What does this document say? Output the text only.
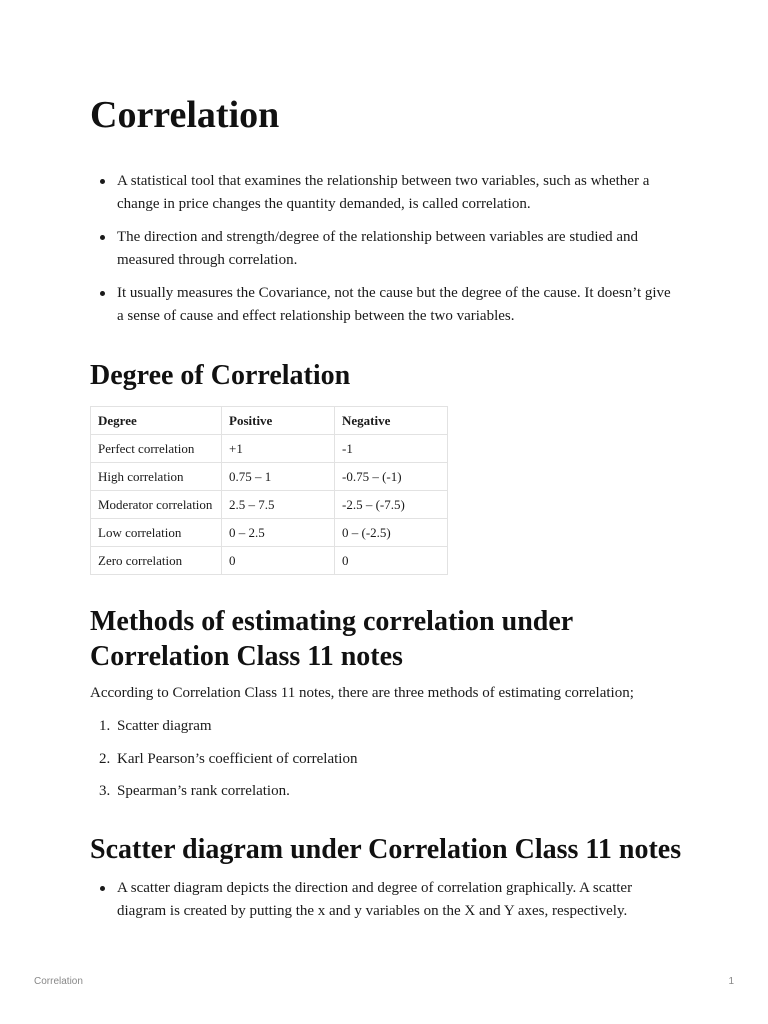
Correlation
A statistical tool that examines the relationship between two variables, such as whether a change in price changes the quantity demanded, is called correlation.
The direction and strength/degree of the relationship between variables are studied and measured through correlation.
It usually measures the Covariance, not the cause but the degree of the cause. It doesn’t give a sense of cause and effect relationship between the two variables.
Degree of Correlation
Degree	Positive	Negative
Perfect correlation	+1	-1
High correlation	0.75 – 1	-0.75 – (-1)
Moderator correlation	2.5 – 7.5	-2.5 – (-7.5)
Low correlation	0 – 2.5	0 – (-2.5)
Zero correlation	0	0
Methods of estimating correlation under Correlation Class 11 notes

According to Correlation Class 11 notes, there are three methods of estimating correlation;

1. Scatter diagram
2. Karl Pearson’s coefficient of correlation
3. Spearman’s rank correlation.
Scatter diagram under Correlation Class 11 notes
A scatter diagram depicts the direction and degree of correlation graphically. A scatter diagram is created by putting the x and y variables on the X and Y axes, respectively.
Correlation	1
